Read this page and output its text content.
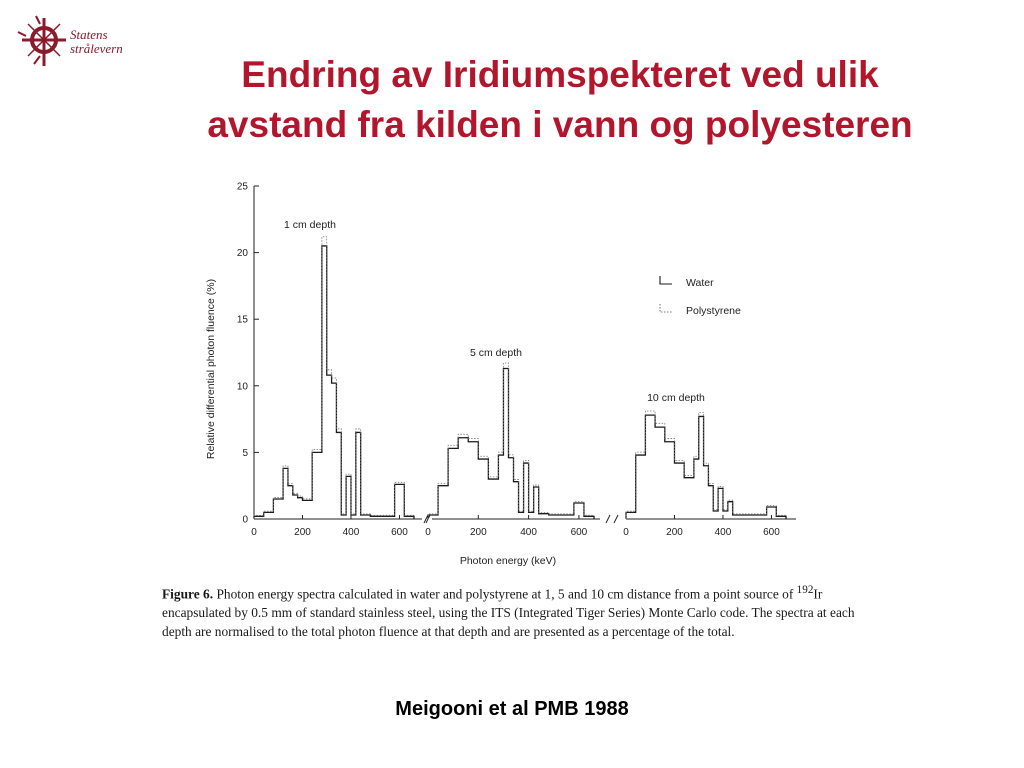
Statens
strålevern
Endring av Iridiumspekteret ved ulik
avstand fra kilden i vann og polyesteren
0
5
10
15
20
25
0	200	400	600 0	200	400	600	0	200	400	600
1 cm depth
5 cm depth
10 cm depth
Water
Polystyrene
Relative differential photon fluence (%)
Photon energy (keV)
Figure 6. Photon energy spectra calculated in water and polystyrene at 1, 5 and 10 cm distance from a point source of $^{192}$Ir encapsulated by 0.5 mm of standard stainless steel, using the ITS (Integrated Tiger Series) Monte Carlo code. The spectra at each depth are normalised to the total photon fluence at that depth and are presented as a percentage of the total.
Meigooni et al PMB 1988
